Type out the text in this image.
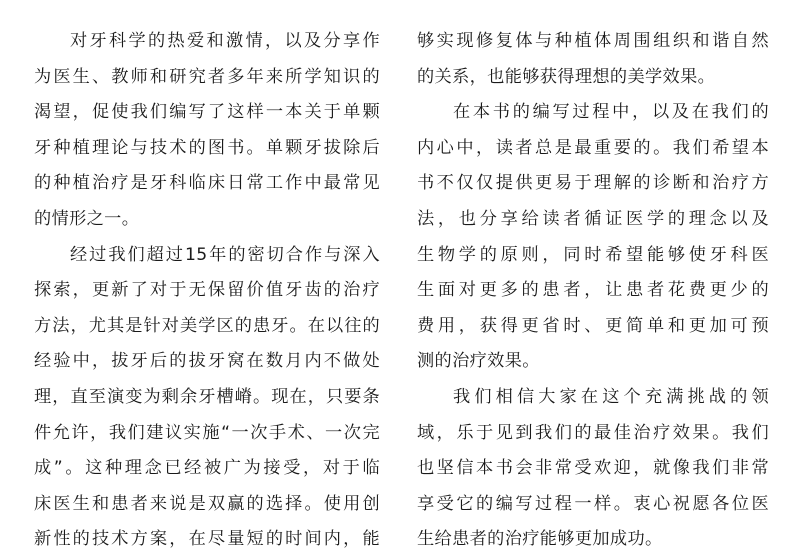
对牙科学的热爱和激情，以及分享作
为医生、教师和研究者多年来所学知识的
渴望，促使我们编写了这样一本关于单颗
牙种植理论与技术的图书。单颗牙拔除后
的种植治疗是牙科临床日常工作中最常见
的情形之一。
经过我们超过15年的密切合作与深入
探索，更新了对于无保留价值牙齿的治疗
方法，尤其是针对美学区的患牙。在以往的
经验中，拔牙后的拔牙窝在数月内不做处
理，直至演变为剩余牙槽嵴。现在，只要条
件允许，我们建议实施“一次手术、一次完
成”。这种理念已经被广为接受，对于临
床医生和患者来说是双赢的选择。使用创
新性的技术方案，在尽量短的时间内，能
够实现修复体与种植体周围组织和谐自然
的关系，也能够获得理想的美学效果。
在本书的编写过程中，以及在我们的
内心中，读者总是最重要的。我们希望本
书不仅仅提供更易于理解的诊断和治疗方
法，也分享给读者循证医学的理念以及
生物学的原则，同时希望能够使牙科医
生面对更多的患者，让患者花费更少的
费用，获得更省时、更简单和更加可预
测的治疗效果。
我们相信大家在这个充满挑战的领
域，乐于见到我们的最佳治疗效果。我们
也坚信本书会非常受欢迎，就像我们非常
享受它的编写过程一样。衷心祝愿各位医
生给患者的治疗能够更加成功。
